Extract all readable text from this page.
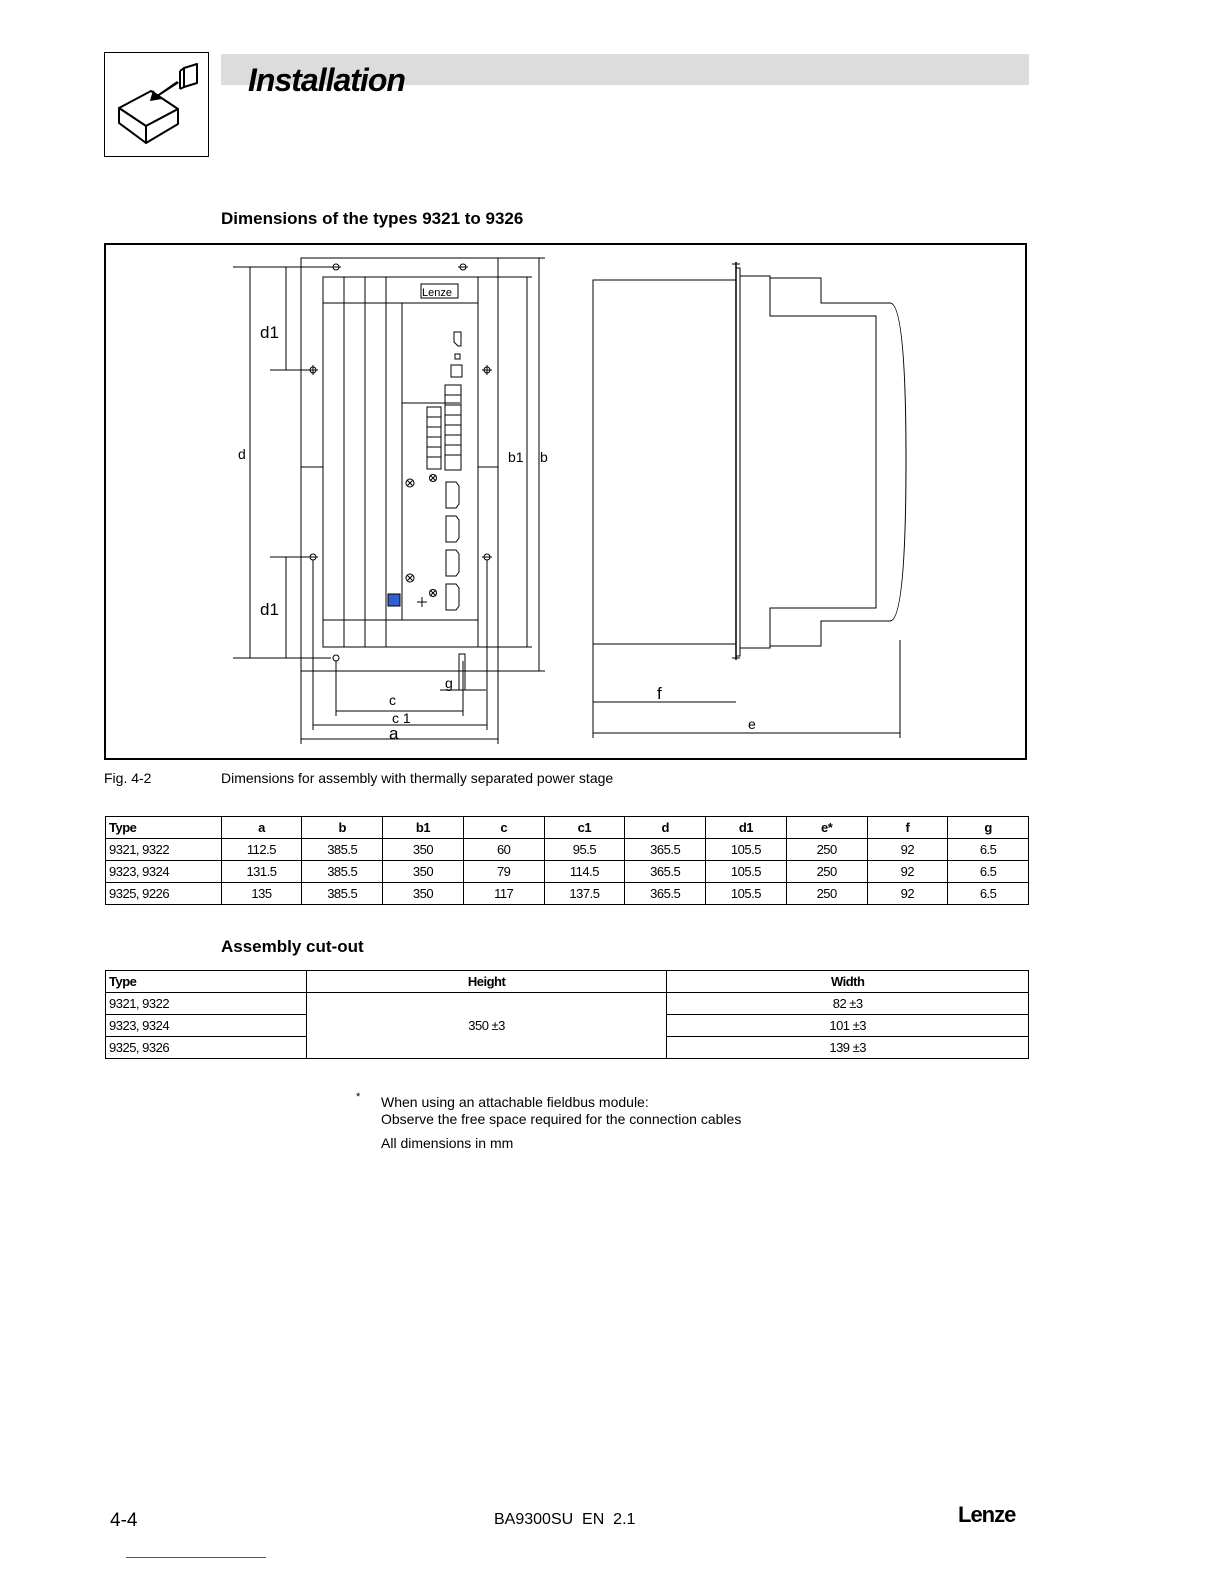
Installation
Dimensions of the types 9321 to 9326
Lenze
d1
d
d1
b1 b
g
c
c 1
a
f
e
Fig. 4-2	Dimensions for assembly with thermally separated power stage
Type	a	b	b1	c	c1	d	d1	e*	f	g
9321, 9322	112.5	385.5	350	60	95.5	365.5	105.5	250	92	6.5
9323, 9324	131.5	385.5	350	79	114.5	365.5	105.5	250	92	6.5
9325, 9226	135	385.5	350	117	137.5	365.5	105.5	250	92	6.5
Assembly cut-out
Type	Height	Width
9321, 9322	350 ±3	82 ±3
9323, 9324		101 ±3
9325, 9326		139 ±3
* When using an attachable fieldbus module:
Observe the free space required for the connection cables
All dimensions in mm
4-4	BA9300SU  EN  2.1	Lenze
